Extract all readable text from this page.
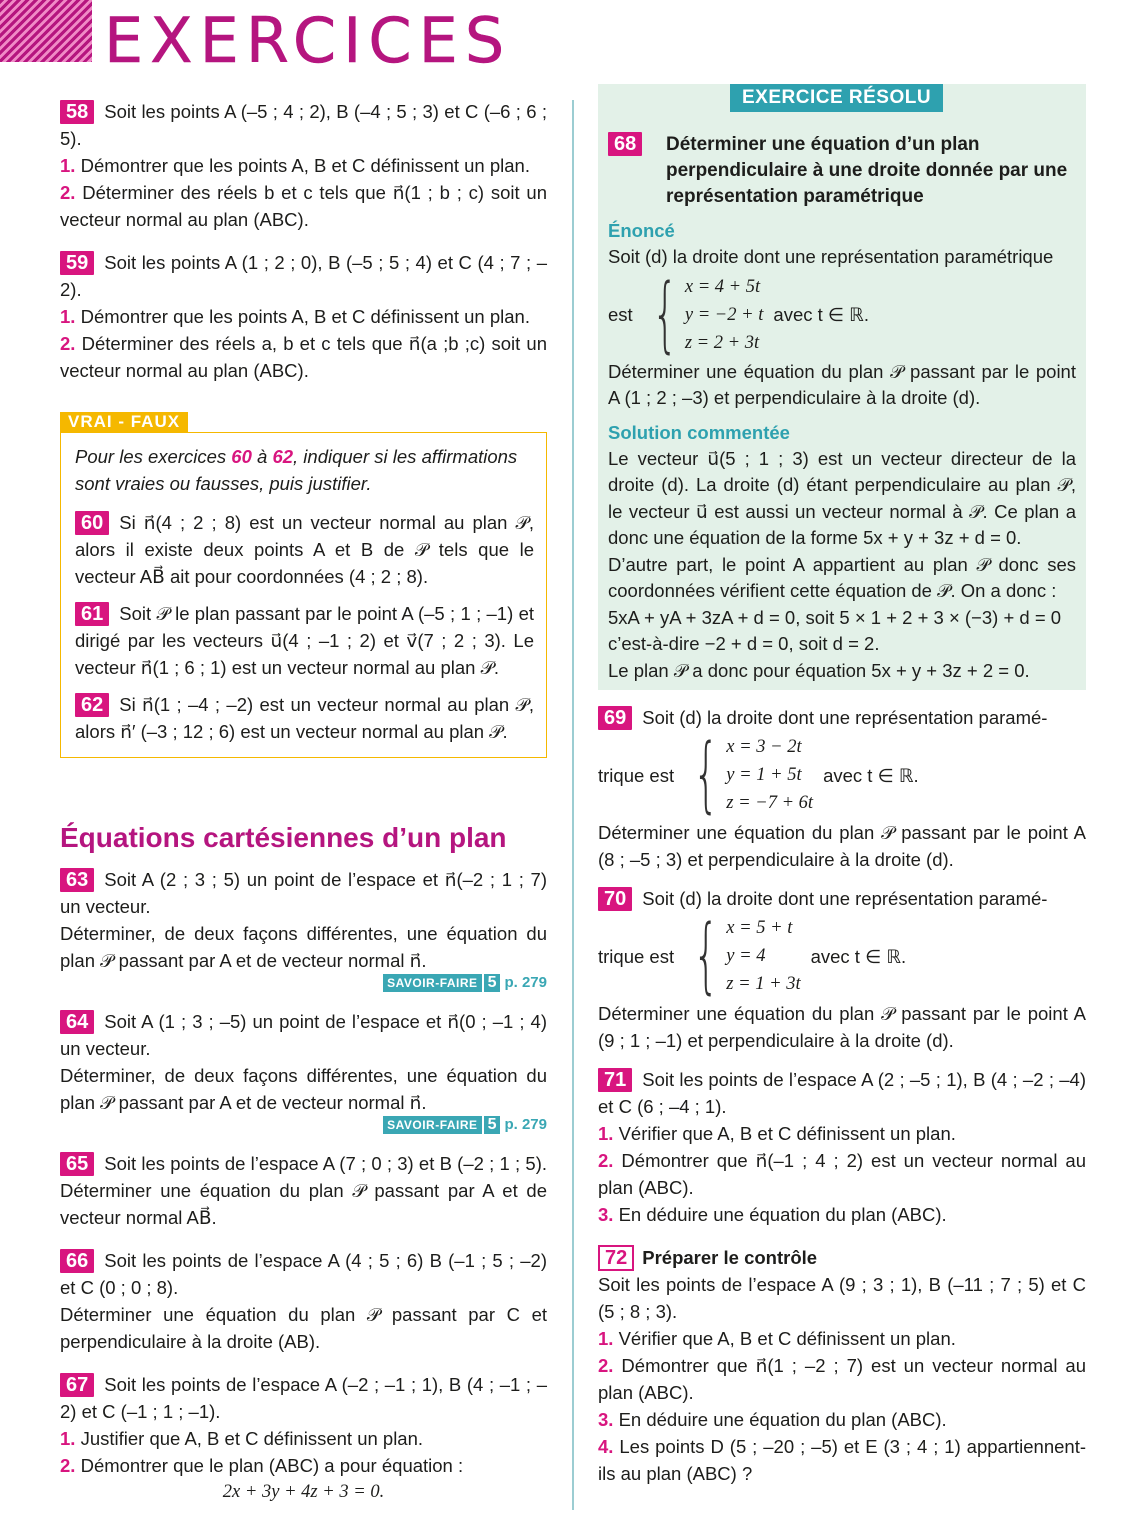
EXERCICES
58 Soit les points A (–5 ; 4 ; 2), B (–4 ; 5 ; 3) et C (–6 ; 6 ; 5).
1. Démontrer que les points A, B et C définissent un plan.
2. Déterminer des réels b et c tels que n⃗(1 ; b ; c) soit un vecteur normal au plan (ABC).
59 Soit les points A (1 ; 2 ; 0), B (–5 ; 5 ; 4) et C (4 ; 7 ; –2).
1. Démontrer que les points A, B et C définissent un plan.
2. Déterminer des réels a, b et c tels que n⃗(a ;b ;c) soit un vecteur normal au plan (ABC).
VRAI - FAUX
Pour les exercices 60 à 62, indiquer si les affirmations sont vraies ou fausses, puis justifier.
60 Si n⃗(4 ; 2 ; 8) est un vecteur normal au plan 𝒫, alors il existe deux points A et B de 𝒫 tels que le vecteur AB⃗ ait pour coordonnées (4 ; 2 ; 8).
61 Soit 𝒫 le plan passant par le point A (–5 ; 1 ; –1) et dirigé par les vecteurs u⃗(4 ; –1 ; 2) et v⃗(7 ; 2 ; 3). Le vecteur n⃗(1 ; 6 ; 1) est un vecteur normal au plan 𝒫.
62 Si n⃗(1 ; –4 ; –2) est un vecteur normal au plan 𝒫, alors n⃗′ (–3 ; 12 ; 6) est un vecteur normal au plan 𝒫.
Équations cartésiennes d’un plan
63 Soit A (2 ; 3 ; 5) un point de l’espace et n⃗(–2 ; 1 ; 7) un vecteur.
Déterminer, de deux façons différentes, une équation du plan 𝒫 passant par A et de vecteur normal n⃗.
SAVOIR-FAIRE 5 p. 279
64 Soit A (1 ; 3 ; –5) un point de l’espace et n⃗(0 ; –1 ; 4) un vecteur.
Déterminer, de deux façons différentes, une équation du plan 𝒫 passant par A et de vecteur normal n⃗.
SAVOIR-FAIRE 5 p. 279
65 Soit les points de l’espace A (7 ; 0 ; 3) et B (–2 ; 1 ; 5). Déterminer une équation du plan 𝒫 passant par A et de vecteur normal AB⃗.
66 Soit les points de l’espace A (4 ; 5 ; 6) B (–1 ; 5 ; –2) et C (0 ; 0 ; 8).
Déterminer une équation du plan 𝒫 passant par C et perpendiculaire à la droite (AB).
67 Soit les points de l’espace A (–2 ; –1 ; 1), B (4 ; –1 ; –2) et C (–1 ; 1 ; –1).
1. Justifier que A, B et C définissent un plan.
2. Démontrer que le plan (ABC) a pour équation :

2x + 3y + 4z + 3 = 0.
EXERCICE RÉSOLU
68 Déterminer une équation d’un plan perpendiculaire à une droite donnée par une représentation paramétrique
Énoncé
Soit (d) la droite dont une représentation paramétrique
est { x = 4 + 5t
y = −2 + t
z = 2 + 3t
avec t ∈ ℝ.
Déterminer une équation du plan 𝒫 passant par le point A (1 ; 2 ; –3) et perpendiculaire à la droite (d).
Solution commentée
Le vecteur u⃗(5 ; 1 ; 3) est un vecteur directeur de la droite (d). La droite (d) étant perpendiculaire au plan 𝒫, le vecteur u⃗ est aussi un vecteur normal à 𝒫. Ce plan a donc une équation de la forme 5x + y + 3z + d = 0.
D’autre part, le point A appartient au plan 𝒫 donc ses coordonnées vérifient cette équation de 𝒫. On a donc :
5xA + yA + 3zA + d = 0, soit 5 × 1 + 2 + 3 × (−3) + d = 0
c’est-à-dire −2 + d = 0, soit d = 2.
Le plan 𝒫 a donc pour équation 5x + y + 3z + 2 = 0.
69 Soit (d) la droite dont une représentation paramé-
trique est { x = 3 − 2t
y = 1 + 5t
z = −7 + 6t
avec t ∈ ℝ.
Déterminer une équation du plan 𝒫 passant par le point A (8 ; –5 ; 3) et perpendiculaire à la droite (d).
70 Soit (d) la droite dont une représentation paramé-
trique est { x = 5 + t
y = 4
z = 1 + 3t
avec t ∈ ℝ.
Déterminer une équation du plan 𝒫 passant par le point A (9 ; 1 ; –1) et perpendiculaire à la droite (d).
71 Soit les points de l’espace A (2 ; –5 ; 1), B (4 ; –2 ; –4) et C (6 ; –4 ; 1).
1. Vérifier que A, B et C définissent un plan.
2. Démontrer que n⃗(–1 ; 4 ; 2) est un vecteur normal au plan (ABC).
3. En déduire une équation du plan (ABC).
72 Préparer le contrôle
Soit les points de l’espace A (9 ; 3 ; 1), B (–11 ; 7 ; 5) et C (5 ; 8 ; 3).
1. Vérifier que A, B et C définissent un plan.
2. Démontrer que n⃗(1 ; –2 ; 7) est un vecteur normal au plan (ABC).
3. En déduire une équation du plan (ABC).
4. Les points D (5 ; –20 ; –5) et E (3 ; 4 ; 1) appartiennent-ils au plan (ABC) ?
